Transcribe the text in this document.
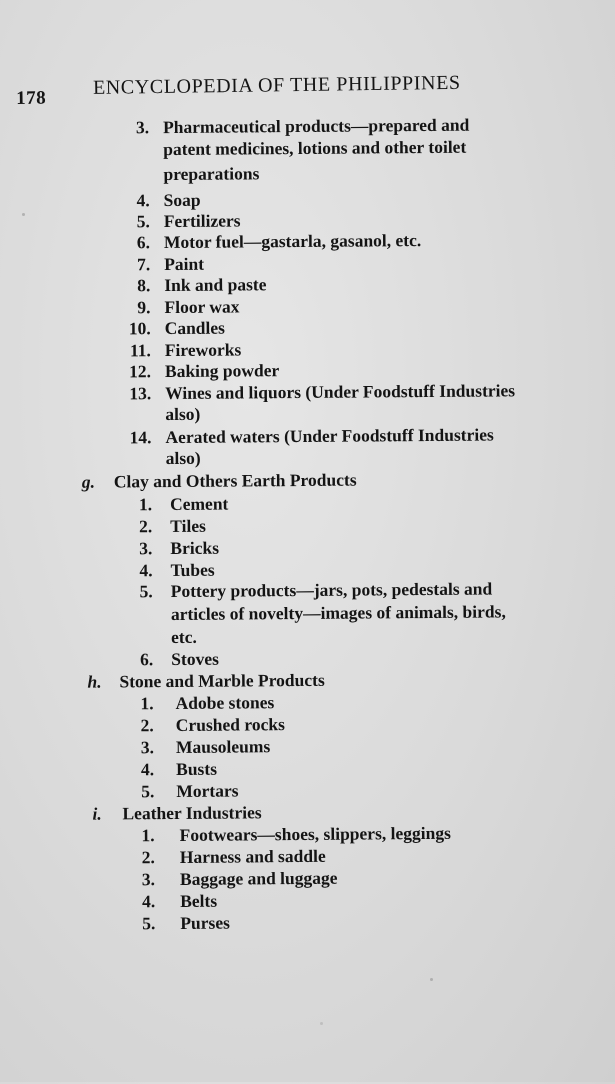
178 ENCYCLOPEDIA OF THE PHILIPPINES
3. Pharmaceutical products—prepared and
patent medicines, lotions and other toilet
preparations
4. Soap
5. Fertilizers
6. Motor fuel—gastarla, gasanol, etc.
7. Paint
8. Ink and paste
9. Floor wax
10. Candles
11. Fireworks
12. Baking powder
13. Wines and liquors (Under Foodstuff Industries
also)
14. Aerated waters (Under Foodstuff Industries
also)
g. Clay and Others Earth Products
1. Cement
2. Tiles
3. Bricks
4. Tubes
5. Pottery products—jars, pots, pedestals and
articles of novelty—images of animals, birds,
etc.
6. Stoves
h. Stone and Marble Products
1. Adobe stones
2. Crushed rocks
3. Mausoleums
4. Busts
5. Mortars
i. Leather Industries
1. Footwears—shoes, slippers, leggings
2. Harness and saddle
3. Baggage and luggage
4. Belts
5. Purses
